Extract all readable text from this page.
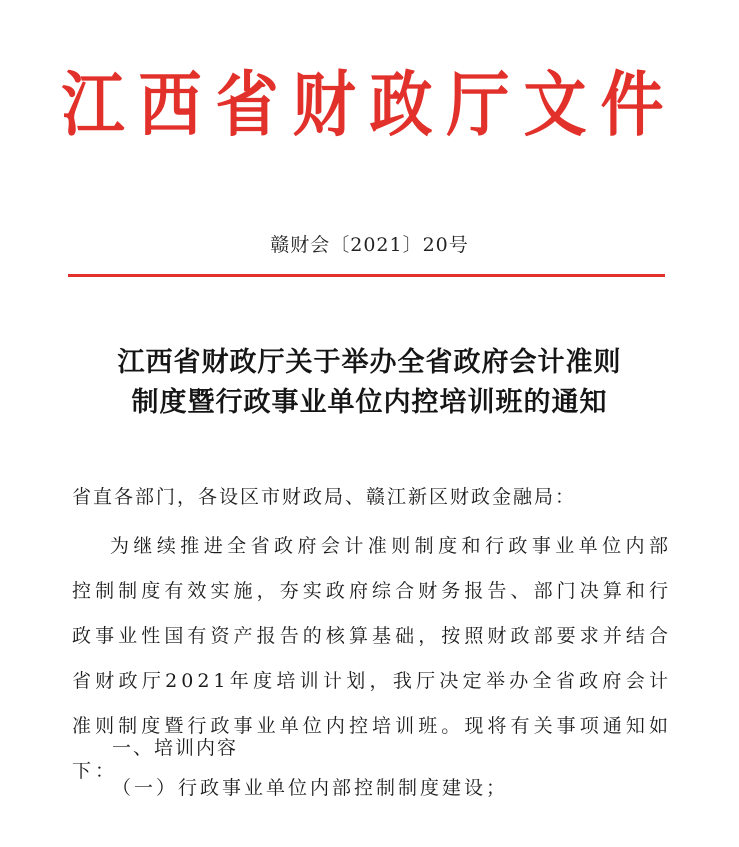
江西省财政厅文件
赣财会〔2021〕20号
江西省财政厅关于举办全省政府会计准则
制度暨行政事业单位内控培训班的通知
省直各部门，各设区市财政局、赣江新区财政金融局：
为继续推进全省政府会计准则制度和行政事业单位内部控制制度有效实施，夯实政府综合财务报告、部门决算和行政事业性国有资产报告的核算基础，按照财政部要求并结合省财政厅2021年度培训计划，我厅决定举办全省政府会计准则制度暨行政事业单位内控培训班。现将有关事项通知如下：
一、培训内容
（一）行政事业单位内部控制制度建设；
